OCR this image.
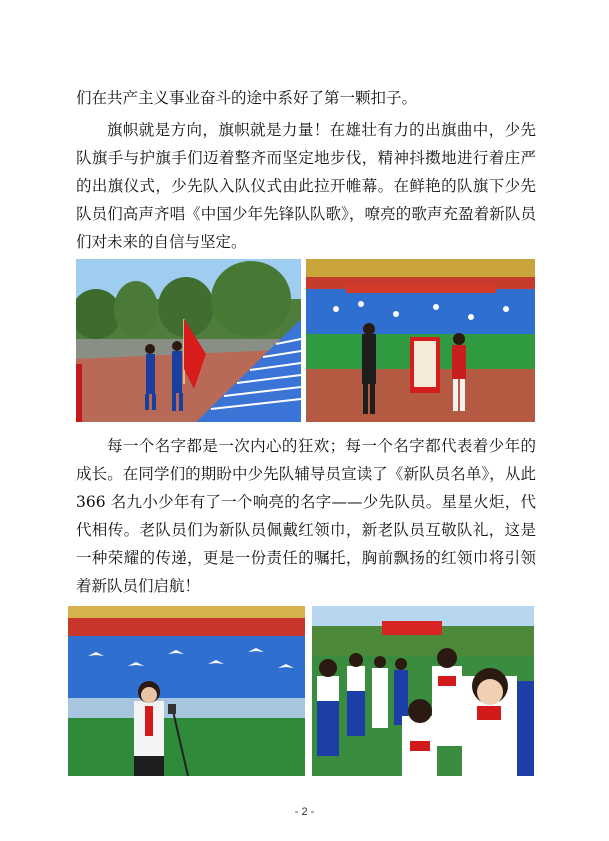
们在共产主义事业奋斗的途中系好了第一颗扣子。

旗帜就是方向，旗帜就是力量！在雄壮有力的出旗曲中，少先队旗手与护旗手们迈着整齐而坚定地步伐，精神抖擞地进行着庄严的出旗仪式，少先队入队仪式由此拉开帷幕。在鲜艳的队旗下少先队员们高声齐唱《中国少年先锋队队歌》，嘹亮的歌声充盈着新队员们对未来的自信与坚定。

每一个名字都是一次内心的狂欢；每一个名字都代表着少年的成长。在同学们的期盼中少先队辅导员宣读了《新队员名单》，从此 366 名九小少年有了一个响亮的名字——少先队员。星星火炬，代代相传。老队员们为新队员佩戴红领巾，新老队员互敬队礼，这是一种荣耀的传递，更是一份责任的嘱托，胸前飘扬的红领巾将引领着新队员们启航！

- 2 -
